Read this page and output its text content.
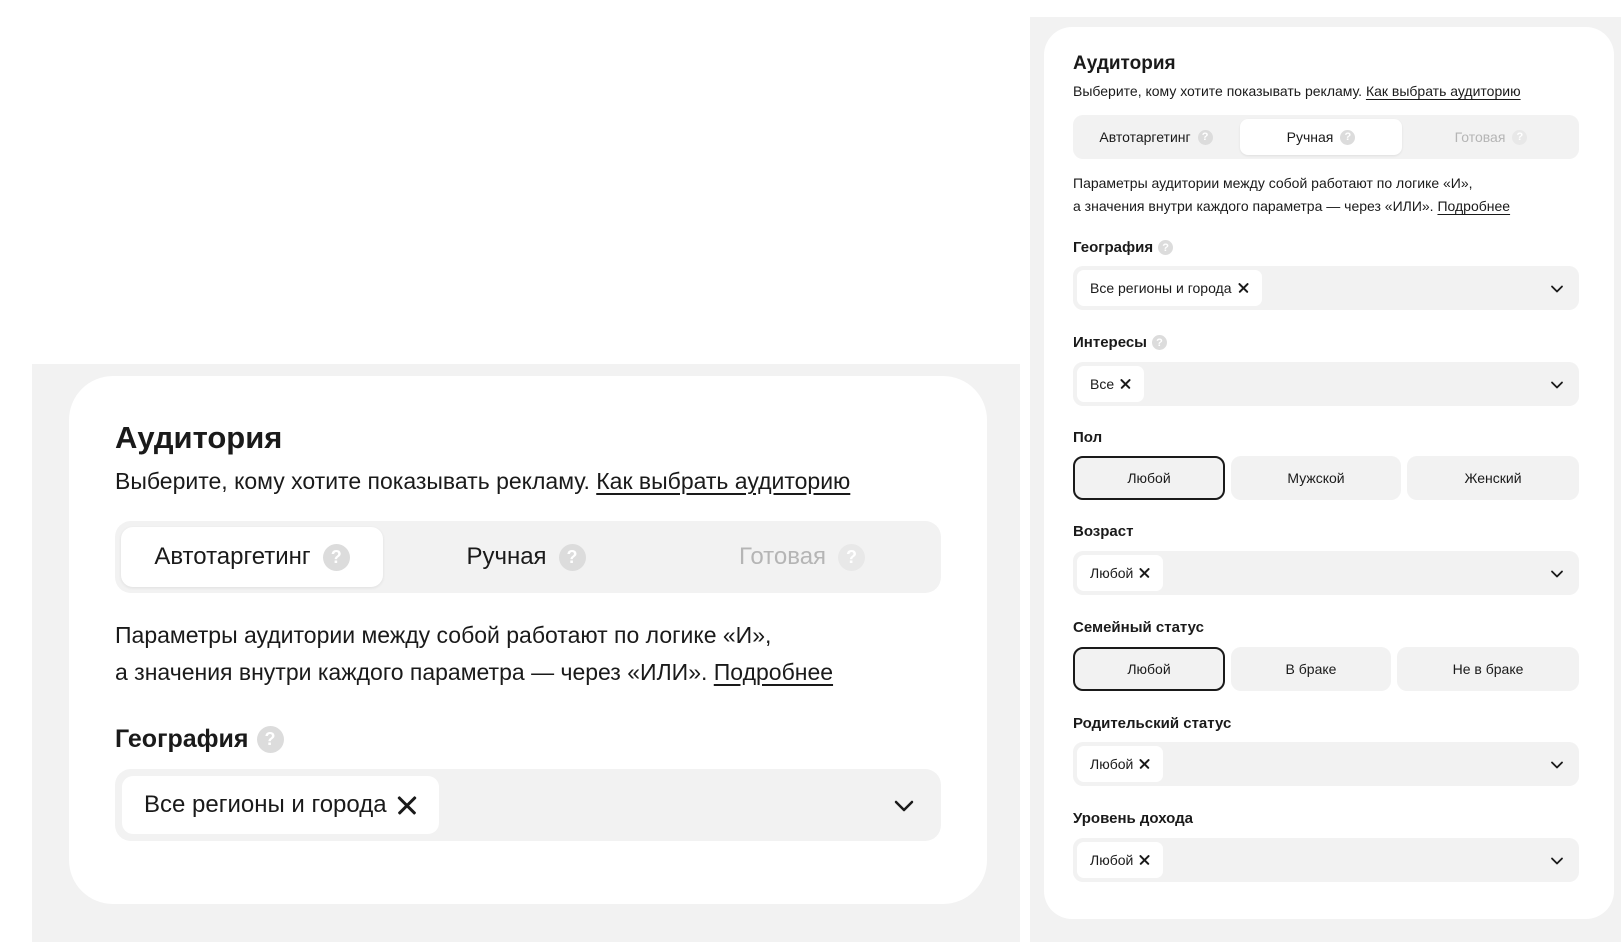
Аудитория
Выберите, кому хотите показывать рекламу. Как выбрать аудиторию
Автотаргетинг	?	Ручная	?	Готовая	?
Параметры аудитории между собой работают по логике «И»,
а значения внутри каждого параметра — через «ИЛИ». Подробнее
География ?
Все регионы и города
Аудитория
Выберите, кому хотите показывать рекламу. Как выбрать аудиторию
Автотаргетинг	?	Ручная	?	Готовая	?
Параметры аудитории между собой работают по логике «И»,
а значения внутри каждого параметра — через «ИЛИ». Подробнее
География ?
Все регионы и города
Интересы ?
Все
Пол
Любой	Мужской	Женский
Возраст
Любой
Семейный статус
Любой	В браке	Не в браке
Родительский статус
Любой
Уровень дохода
Любой
